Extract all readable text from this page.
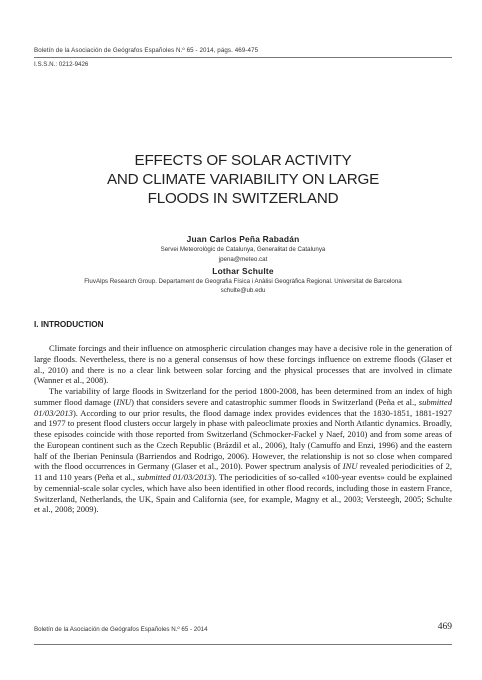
Boletín de la Asociación de Geógrafos Españoles N.º 65 - 2014, págs. 469-475
I.S.S.N.: 0212-9426
EFFECTS OF SOLAR ACTIVITY
AND CLIMATE VARIABILITY ON LARGE
FLOODS IN SWITZERLAND
Juan Carlos Peña Rabadán
Servei Meteorològic de Catalunya, Generalitat de Catalunya
jpena@meteo.cat
Lothar Schulte
FluvAlps Research Group. Departament de Geografia Física i Anàlisi Geogràfica Regional. Universitat de Barcelona
schulte@ub.edu
I. INTRODUCTION

Climate forcings and their influence on atmospheric circulation changes may have a decisive role in the generation of large floods. Nevertheless, there is no a general consensus of how these forcings influence on extreme floods (Glaser et al., 2010) and there is no a clear link between solar forcing and the physical processes that are involved in climate (Wanner et al., 2008).

The variability of large floods in Switzerland for the period 1800-2008, has been determined from an index of high summer flood damage (INU) that considers severe and catastrophic summer floods in Switzerland (Peña et al., submitted 01/03/2013). According to our prior results, the flood damage index provides evidences that the 1830-1851, 1881-1927 and 1977 to present flood clusters occur largely in phase with paleoclimate proxies and North Atlantic dynamics. Broadly, these episodes coincide with those reported from Switzerland (Schmocker-Fackel y Naef, 2010) and from some areas of the European continent such as the Czech Republic (Brázdil et al., 2006), Italy (Camuffo and Enzi, 1996) and the eastern half of the Iberian Peninsula (Barriendos and Rodrigo, 2006). However, the relationship is not so close when compared with the flood occurrences in Germany (Glaser et al., 2010). Power spectrum analysis of INU revealed periodicities of 2, 11 and 110 years (Peña et al., submitted 01/03/2013). The periodicities of so-called «100-year events» could be explained by cemennial-scale solar cycles, which have also been identified in other flood records, including those in eastern France, Switzerland, Netherlands, the UK, Spain and California (see, for example, Magny et al., 2003; Versteegh, 2005; Schulte et al., 2008; 2009).

Boletín de la Asociación de Geógrafos Españoles N.º 65 - 2014	469
